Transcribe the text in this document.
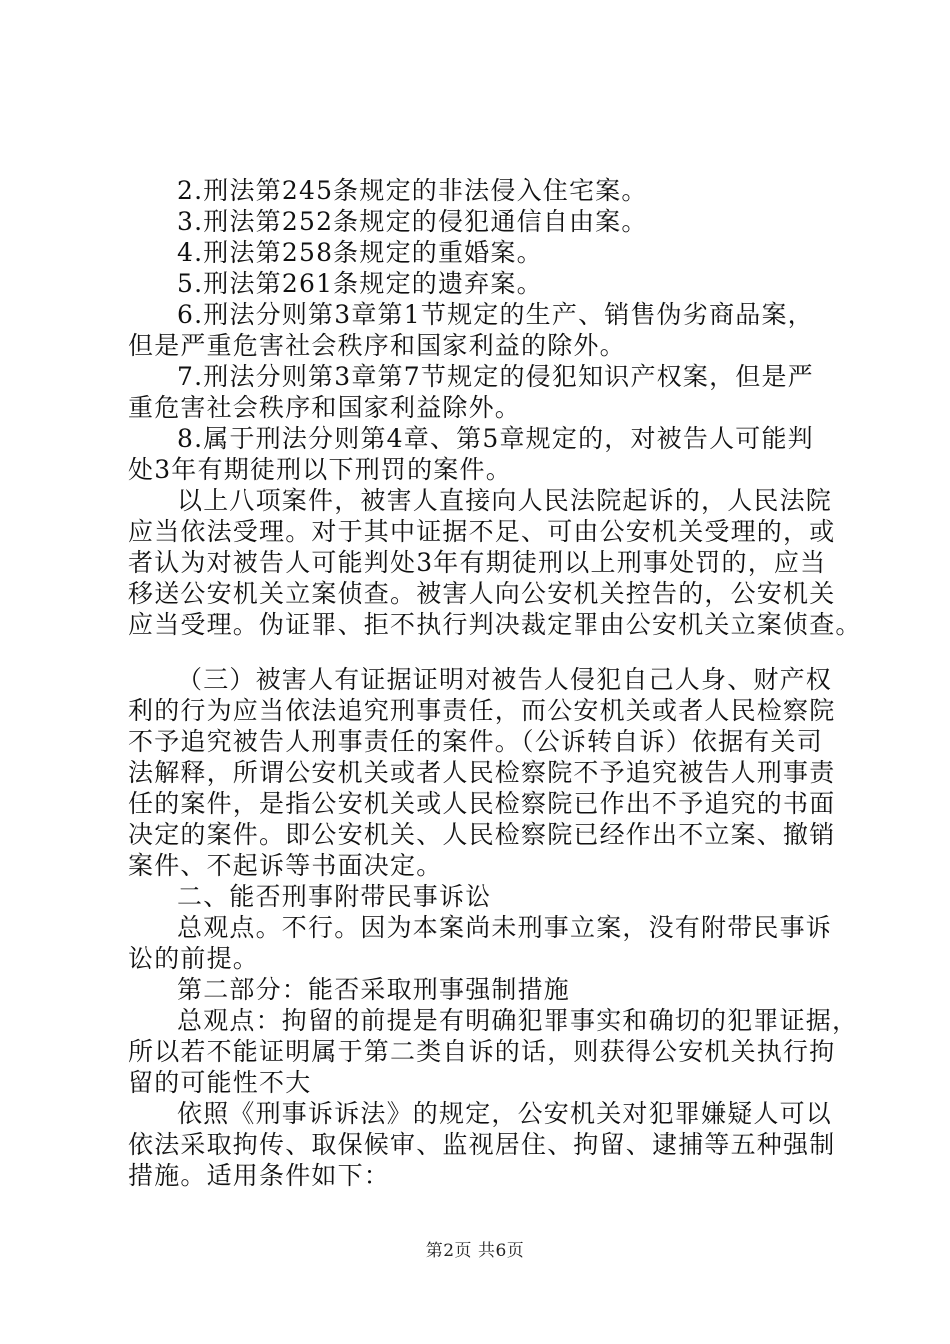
2.刑法第245条规定的非法侵入住宅案。
3.刑法第252条规定的侵犯通信自由案。
4.刑法第258条规定的重婚案。
5.刑法第261条规定的遗弃案。
6.刑法分则第3章第1节规定的生产、销售伪劣商品案，
但是严重危害社会秩序和国家利益的除外。
7.刑法分则第3章第7节规定的侵犯知识产权案，但是严
重危害社会秩序和国家利益除外。
8.属于刑法分则第4章、第5章规定的，对被告人可能判
处3年有期徒刑以下刑罚的案件。
以上八项案件，被害人直接向人民法院起诉的，人民法院
应当依法受理。对于其中证据不足、可由公安机关受理的，或
者认为对被告人可能判处3年有期徒刑以上刑事处罚的，应当
移送公安机关立案侦查。被害人向公安机关控告的，公安机关
应当受理。伪证罪、拒不执行判决裁定罪由公安机关立案侦查。
（三）被害人有证据证明对被告人侵犯自己人身、财产权
利的行为应当依法追究刑事责任，而公安机关或者人民检察院
不予追究被告人刑事责任的案件。（公诉转自诉）依据有关司
法解释，所谓公安机关或者人民检察院不予追究被告人刑事责
任的案件，是指公安机关或人民检察院已作出不予追究的书面
决定的案件。即公安机关、人民检察院已经作出不立案、撤销
案件、不起诉等书面决定。
二、能否刑事附带民事诉讼
总观点。不行。因为本案尚未刑事立案，没有附带民事诉
讼的前提。
第二部分：能否采取刑事强制措施
总观点：拘留的前提是有明确犯罪事实和确切的犯罪证据，
所以若不能证明属于第二类自诉的话，则获得公安机关执行拘
留的可能性不大
依照《刑事诉诉法》的规定，公安机关对犯罪嫌疑人可以
依法采取拘传、取保候审、监视居住、拘留、逮捕等五种强制
措施。适用条件如下：
第2页 共6页
